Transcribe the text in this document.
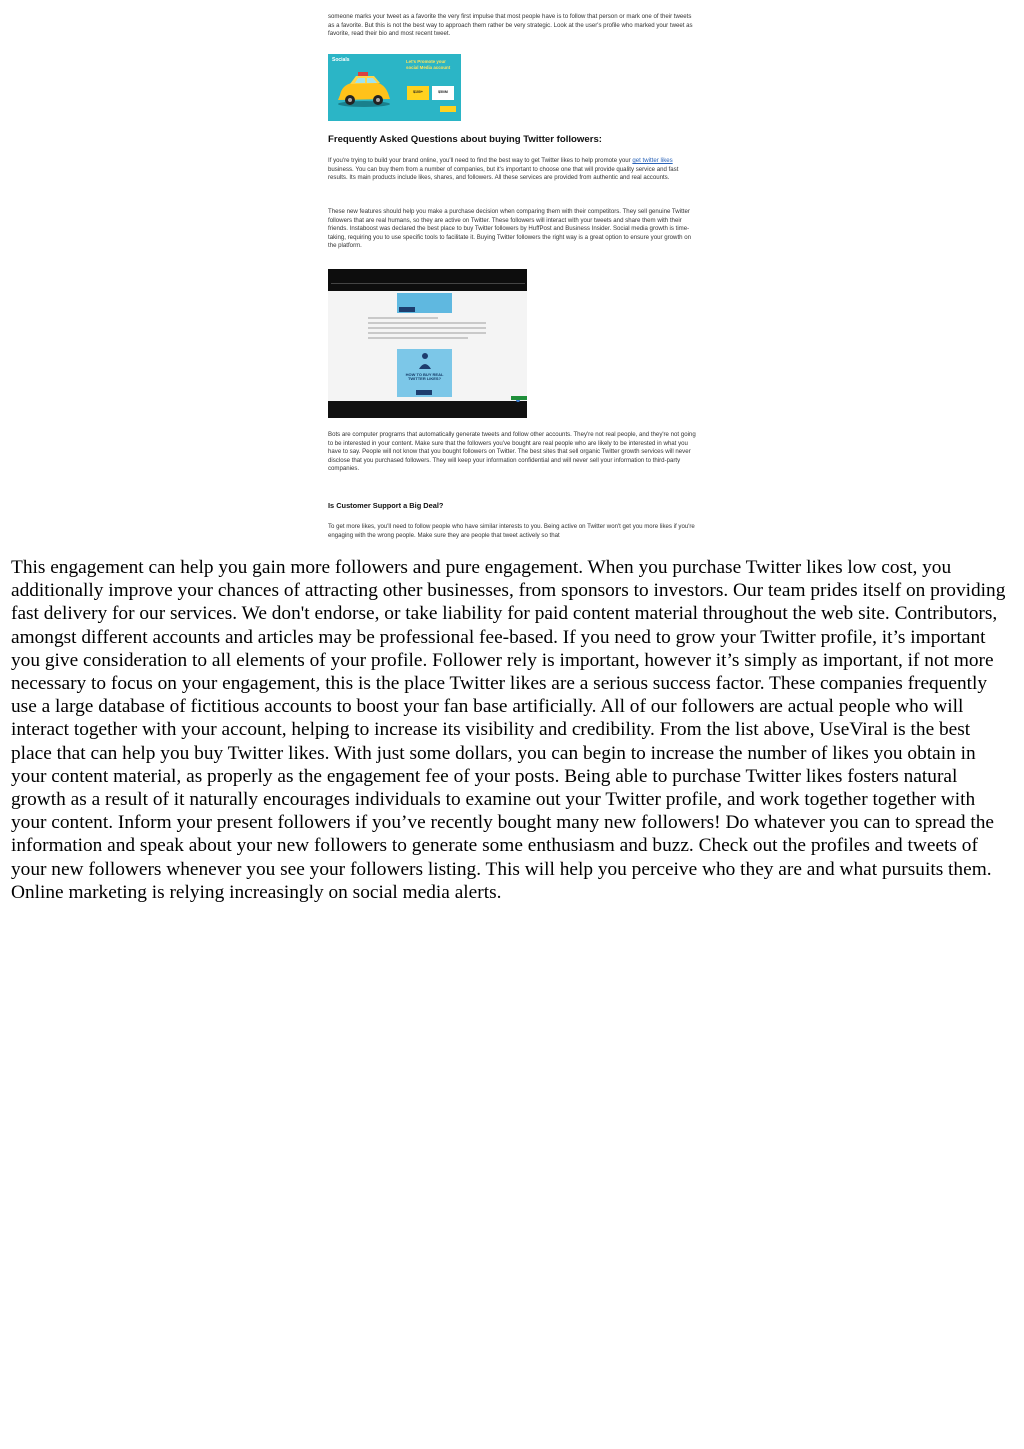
someone marks your tweet as a favorite the very first impulse that most people have is to follow that person or mark one of their tweets as a favorite. But this is not the best way to approach them rather be very strategic. Look at the user's profile who marked your tweet as favorite, read their bio and most recent tweet.

Socials	Let's Promote your social Media account
$100+	$50/M

Frequently Asked Questions about buying Twitter followers:

If you're trying to build your brand online, you'll need to find the best way to get Twitter likes to help promote your get twitter likes business. You can buy them from a number of companies, but it's important to choose one that will provide quality service and fast results. Its main products include likes, shares, and followers. All these services are provided from authentic and real accounts.

These new features should help you make a purchase decision when comparing them with their competitors. They sell genuine Twitter followers that are real humans, so they are active on Twitter. These followers will interact with your tweets and share them with their friends. Instaboost was declared the best place to buy Twitter followers by HuffPost and Business Insider. Social media growth is time-taking, requiring you to use specific tools to facilitate it. Buying Twitter followers the right way is a great option to ensure your growth on the platform.

HOW TO BUY REAL TWITTER LIKES?

Bots are computer programs that automatically generate tweets and follow other accounts. They're not real people, and they're not going to be interested in your content. Make sure that the followers you've bought are real people who are likely to be interested in what you have to say. People will not know that you bought followers on Twitter. The best sites that sell organic Twitter growth services will never disclose that you purchased followers. They will keep your information confidential and will never sell your information to third-party companies.

Is Customer Support a Big Deal?

To get more likes, you'll need to follow people who have similar interests to you. Being active on Twitter won't get you more likes if you're engaging with the wrong people. Make sure they are people that tweet actively so that

This engagement can help you gain more followers and pure engagement. When you purchase Twitter likes low cost, you additionally improve your chances of attracting other businesses, from sponsors to investors. Our team prides itself on providing fast delivery for our services. We don't endorse, or take liability for paid content material throughout the web site. Contributors, amongst different accounts and articles may be professional fee-based. If you need to grow your Twitter profile, it’s important you give consideration to all elements of your profile. Follower rely is important, however it’s simply as important, if not more necessary to focus on your engagement, this is the place Twitter likes are a serious success factor. These companies frequently use a large database of fictitious accounts to boost your fan base artificially. All of our followers are actual people who will interact together with your account, helping to increase its visibility and credibility. From the list above, UseViral is the best place that can help you buy Twitter likes. With just some dollars, you can begin to increase the number of likes you obtain in your content material, as properly as the engagement fee of your posts. Being able to purchase Twitter likes fosters natural growth as a result of it naturally encourages individuals to examine out your Twitter profile, and work together together with your content. Inform your present followers if you’ve recently bought many new followers! Do whatever you can to spread the information and speak about your new followers to generate some enthusiasm and buzz. Check out the profiles and tweets of your new followers whenever you see your followers listing. This will help you perceive who they are and what pursuits them. Online marketing is relying increasingly on social media alerts.
